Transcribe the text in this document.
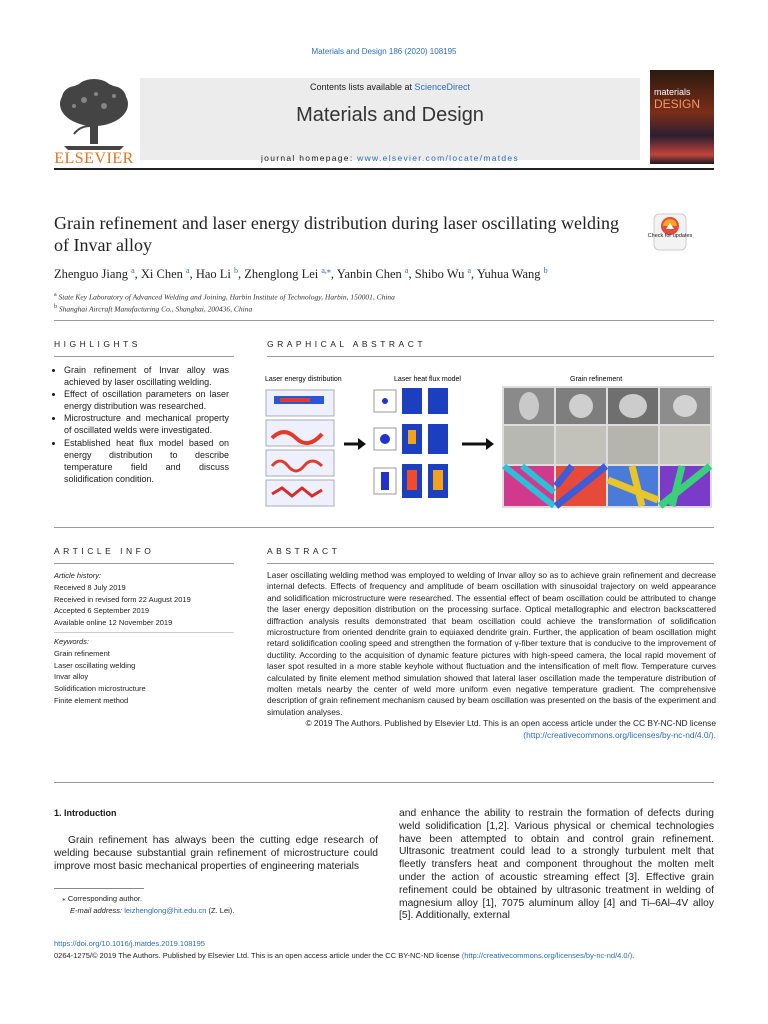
Materials and Design 186 (2020) 108195
Contents lists available at ScienceDirect
Materials and Design
journal homepage: www.elsevier.com/locate/matdes
ELSEVIER
materials
DESIGN
Grain refinement and laser energy distribution during laser oscillating welding of Invar alloy	Check for updates
Zhenguo Jiang $^a$, Xi Chen $^a$, Hao Li $^b$, Zhenglong Lei $^{a,⁎}$, Yanbin Chen $^a$, Shibo Wu $^a$, Yuhua Wang $^b$
$^a$ State Key Laboratory of Advanced Welding and Joining, Harbin Institute of Technology, Harbin, 150001, China
$^b$ Shanghai Aircraft Manufacturing Co., Shanghai, 200436, China
HIGHLIGHTS
• Grain refinement of Invar alloy was achieved by laser oscillating welding.
• Effect of oscillation parameters on laser energy distribution was researched.
• Microstructure and mechanical property of oscillated welds were investigated.
• Established heat flux model based on energy distribution to describe temperature field and discuss solidification condition.
GRAPHICAL ABSTRACT
Laser energy distribution	Laser heat flux model	Grain refinement
ARTICLE INFO
Article history:
Received 8 July 2019
Received in revised form 22 August 2019
Accepted 6 September 2019
Available online 12 November 2019
Keywords:
Grain refinement
Laser oscillating welding
Invar alloy
Solidification microstructure
Finite element method
ABSTRACT

Laser oscillating welding method was employed to welding of Invar alloy so as to achieve grain refinement and decrease internal defects. Effects of frequency and amplitude of beam oscillation with sinusoidal trajectory on weld appearance and solidification microstructure were researched. The essential effect of beam oscillation could be attributed to change the laser energy deposition distribution on the processing surface. Optical metallographic and electron backscattered diffraction analysis results demonstrated that beam oscillation could achieve the transformation of solidification microstructure from oriented dendrite grain to equiaxed dendrite grain. Further, the application of beam oscillation might retard solidification cooling speed and strengthen the formation of γ-fiber texture that is conducive to the improvement of ductility. According to the acquisition of dynamic feature pictures with high-speed camera, the local rapid movement of laser spot resulted in a more stable keyhole without fluctuation and the intensification of melt flow. Temperature curves calculated by finite element method simulation showed that lateral laser oscillation made the temperature distribution of molten metals nearby the center of weld more uniform even negative temperature gradient. The comprehensive description of grain refinement mechanism caused by beam oscillation was presented on the basis of the experiment and simulation analyses.

© 2019 The Authors. Published by Elsevier Ltd. This is an open access article under the CC BY-NC-ND license
(http://creativecommons.org/licenses/by-nc-nd/4.0/).

1. Introduction

Grain refinement has always been the cutting edge research of welding because substantial grain refinement of microstructure could improve most basic mechanical properties of engineering materials

and enhance the ability to restrain the formation of defects during weld solidification [1,2]. Various physical or chemical technologies have been attempted to obtain and control grain refinement. Ultrasonic treatment could lead to a strongly turbulent melt that fleetly transfers heat and component throughout the molten melt under the action of acoustic streaming effect [3]. Effective grain refinement could be obtained by ultrasonic treatment in welding of magnesium alloy [1], 7075 aluminum alloy [4] and Ti–6Al–4V alloy [5]. Additionally, external

⁎ Corresponding author.
E-mail address: leizhenglong@hit.edu.cn (Z. Lei).
https://doi.org/10.1016/j.matdes.2019.108195
0264-1275/© 2019 The Authors. Published by Elsevier Ltd. This is an open access article under the CC BY-NC-ND license (http://creativecommons.org/licenses/by-nc-nd/4.0/).
